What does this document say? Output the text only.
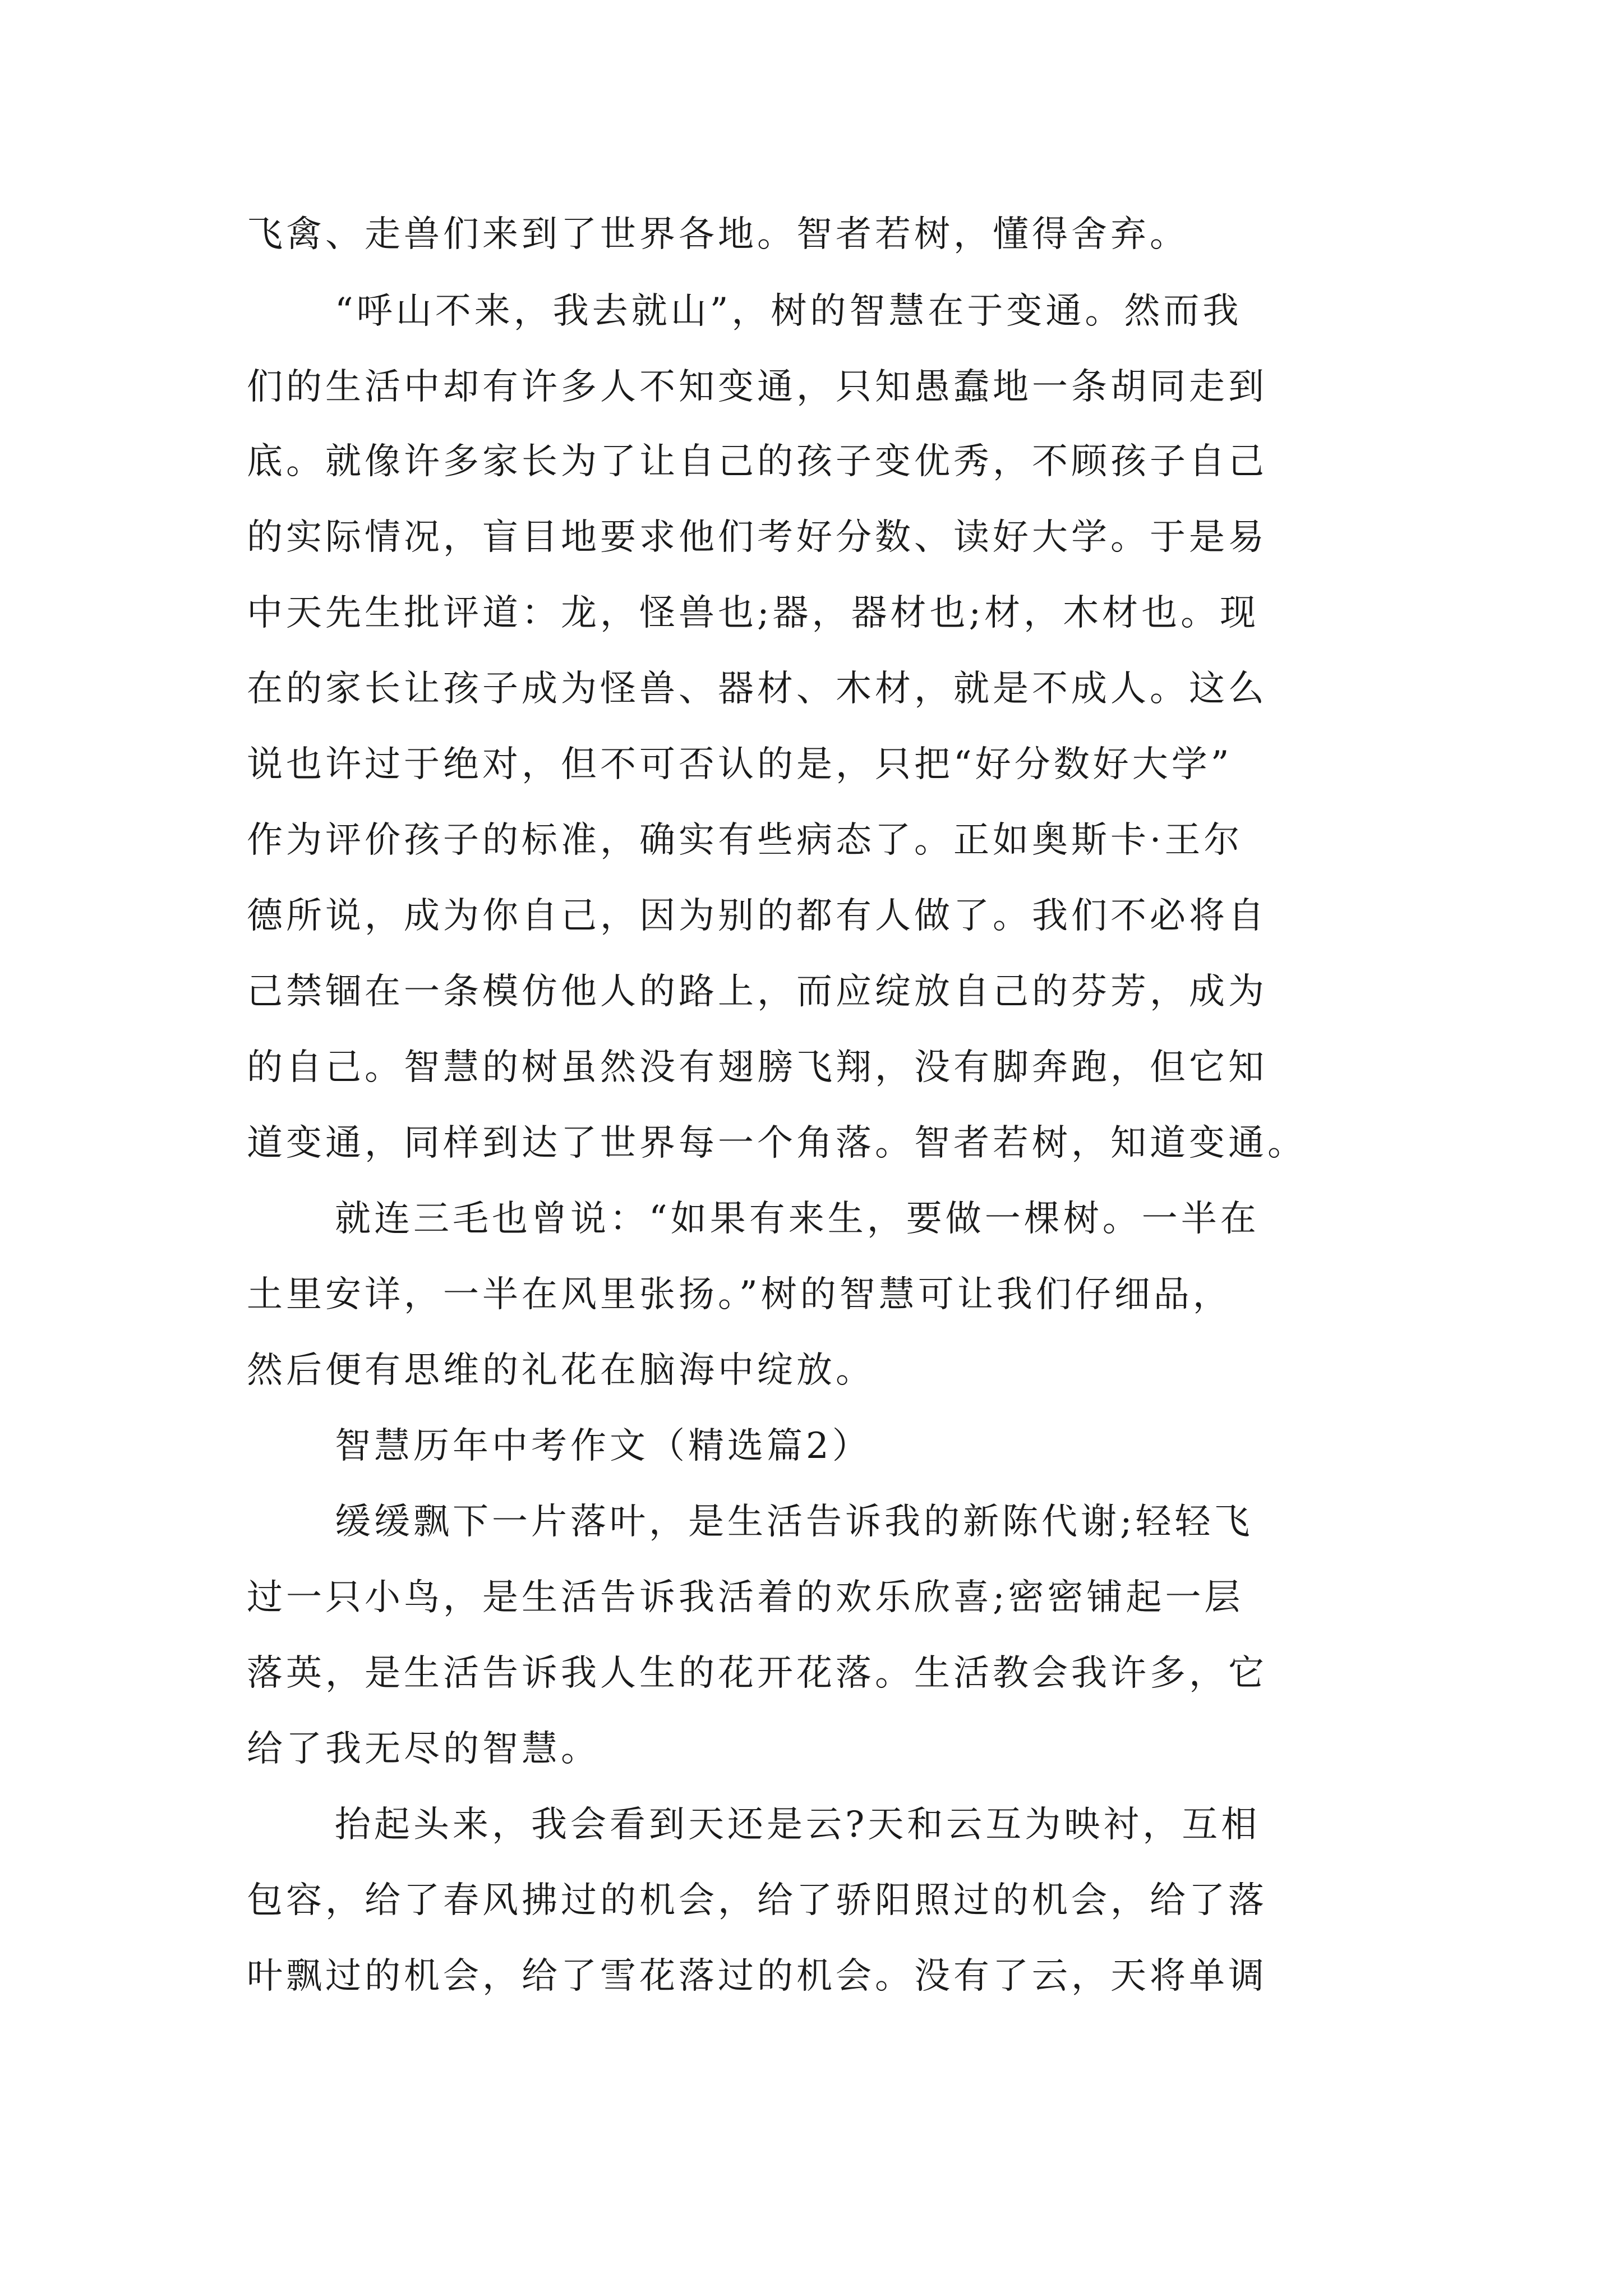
飞禽、走兽们来到了世界各地。智者若树，懂得舍弃。
“呼山不来，我去就山”，树的智慧在于变通。然而我
们的生活中却有许多人不知变通，只知愚蠢地一条胡同走到
底。就像许多家长为了让自己的孩子变优秀，不顾孩子自己
的实际情况，盲目地要求他们考好分数、读好大学。于是易
中天先生批评道：龙，怪兽也;器，器材也;材，木材也。现
在的家长让孩子成为怪兽、器材、木材，就是不成人。这么
说也许过于绝对，但不可否认的是，只把“好分数好大学”
作为评价孩子的标准，确实有些病态了。正如奥斯卡·王尔
德所说，成为你自己，因为别的都有人做了。我们不必将自
己禁锢在一条模仿他人的路上，而应绽放自己的芬芳，成为
的自己。智慧的树虽然没有翅膀飞翔，没有脚奔跑，但它知
道变通，同样到达了世界每一个角落。智者若树，知道变通。
就连三毛也曾说：“如果有来生，要做一棵树。一半在
土里安详，一半在风里张扬。”树的智慧可让我们仔细品，
然后便有思维的礼花在脑海中绽放。
智慧历年中考作文（精选篇2）
缓缓飘下一片落叶，是生活告诉我的新陈代谢;轻轻飞
过一只小鸟，是生活告诉我活着的欢乐欣喜;密密铺起一层
落英，是生活告诉我人生的花开花落。生活教会我许多，它
给了我无尽的智慧。
抬起头来，我会看到天还是云?天和云互为映衬，互相
包容，给了春风拂过的机会，给了骄阳照过的机会，给了落
叶飘过的机会，给了雪花落过的机会。没有了云，天将单调
